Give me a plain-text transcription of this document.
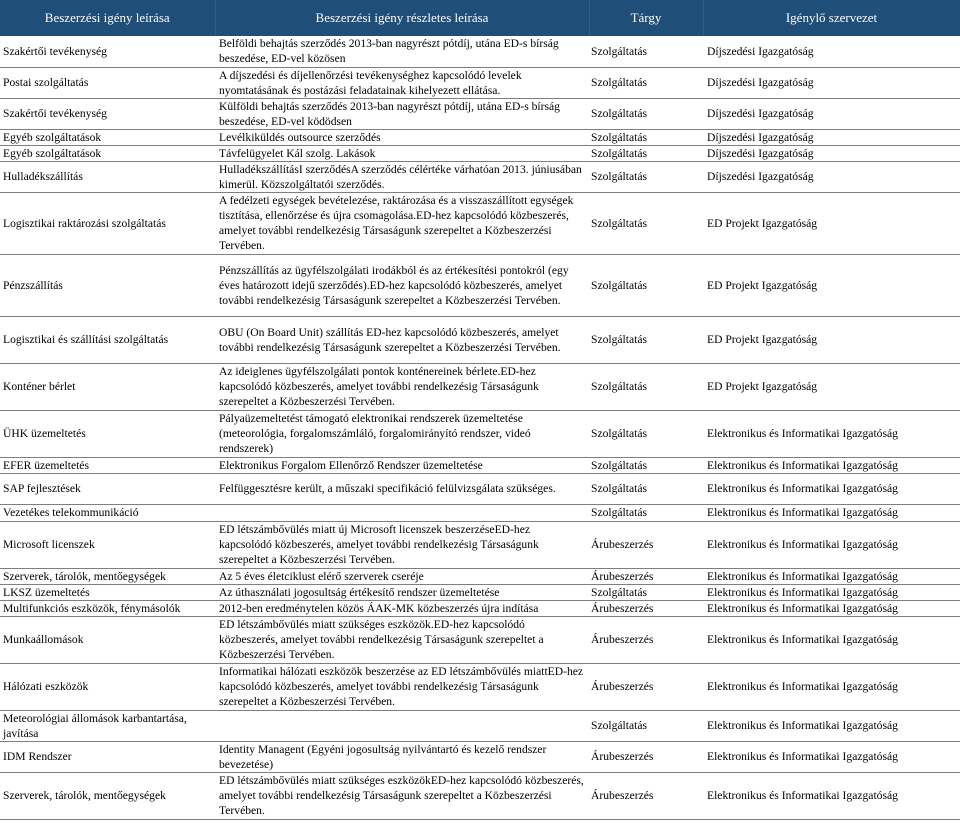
Beszerzési igény leírása	Beszerzési igény részletes leírása	Tárgy	Igénylő szervezet
Szakértői tevékenység	Belföldi behajtás szerződés 2013-ban nagyrészt pótdíj, utána ED-s bírság beszedése, ED-vel közösen	Szolgáltatás	Díjszedési Igazgatóság
Postai szolgáltatás	A díjszedési és díjellenőrzési tevékenységhez kapcsolódó levelek nyomtatásának és postázási feladatainak kihelyezett ellátása.	Szolgáltatás	Díjszedési Igazgatóság
Szakértői tevékenység	Külföldi behajtás szerződés 2013-ban nagyrészt pótdíj, utána ED-s bírság beszedése, ED-vel ködödsen	Szolgáltatás	Díjszedési Igazgatóság
Egyéb szolgáltatások	Levélkiküldés outsource szerződés	Szolgáltatás	Díjszedési Igazgatóság
Egyéb szolgáltatások	Távfelügyelet Kál szolg. Lakások	Szolgáltatás	Díjszedési Igazgatóság
Hulladékszállítás	HulladékszállításI szerződésA szerződés célértéke várhatóan 2013. júniusában kimerül. Közszolgáltatói szerződés.	Szolgáltatás	Díjszedési Igazgatóság
Logisztikai raktározási szolgáltatás	A fedélzeti egységek bevételezése, raktározása és a visszaszállított egységek tisztítása, ellenőrzése és újra csomagolása.ED-hez kapcsolódó közbeszerés, amelyet további rendelkezésig Társaságunk szerepeltet a Közbeszerzési Tervében.	Szolgáltatás	ED Projekt Igazgatóság
Pénzszállítás	Pénzszállítás az ügyfélszolgálati irodákból és az értékesítési pontokról (egy éves határozott idejű szerződés).ED-hez kapcsolódó közbeszerés, amelyet további rendelkezésig Társaságunk szerepeltet a Közbeszerzési Tervében.	Szolgáltatás	ED Projekt Igazgatóság
Logisztikai és szállítási szolgáltatás	OBU (On Board Unit) szállítás ED-hez kapcsolódó közbeszerés, amelyet további rendelkezésig Társaságunk szerepeltet a Közbeszerzési Tervében.	Szolgáltatás	ED Projekt Igazgatóság
Konténer bérlet	Az ideiglenes ügyfélszolgálati pontok konténereinek bérlete.ED-hez kapcsolódó közbeszerés, amelyet további rendelkezésig Társaságunk szerepeltet a Közbeszerzési Tervében.	Szolgáltatás	ED Projekt Igazgatóság
ÜHK üzemeltetés	Pályaüzemeltetést támogató elektronikai rendszerek üzemeltetése (meteorológia, forgalomszámláló, forgalomirányító rendszer, videó rendszerek)	Szolgáltatás	Elektronikus és Informatikai Igazgatóság
EFER üzemeltetés	Elektronikus Forgalom Ellenőrző Rendszer üzemeltetése	Szolgáltatás	Elektronikus és Informatikai Igazgatóság
SAP fejlesztések	Felfüggesztésre került, a műszaki specifikáció felülvizsgálata szükséges.	Szolgáltatás	Elektronikus és Informatikai Igazgatóság
Vezetékes telekommunikáció		Szolgáltatás	Elektronikus és Informatikai Igazgatóság
Microsoft licenszek	ED létszámbővülés miatt új Microsoft licenszek beszerzéseED-hez kapcsolódó közbeszerés, amelyet további rendelkezésig Társaságunk szerepeltet a Közbeszerzési Tervében.	Árubeszerzés	Elektronikus és Informatikai Igazgatóság
Szerverek, tárolók, mentőegységek	Az 5 éves életciklust elérő szerverek cseréje	Árubeszerzés	Elektronikus és Informatikai Igazgatóság
LKSZ üzemeltetés	Az úthasználati jogosultság értékesítő rendszer üzemeltetése	Szolgáltatás	Elektronikus és Informatikai Igazgatóság
Multifunkciós eszközök, fénymásolók	2012-ben eredménytelen közös ÁAK-MK közbeszerzés újra indítása	Árubeszerzés	Elektronikus és Informatikai Igazgatóság
Munkaállomások	ED létszámbővülés miatt szükséges eszközök.ED-hez kapcsolódó közbeszerés, amelyet további rendelkezésig Társaságunk szerepeltet a Közbeszerzési Tervében.	Árubeszerzés	Elektronikus és Informatikai Igazgatóság
Hálózati eszközök	Informatikai hálózati eszközök beszerzése az ED létszámbővülés miattED-hez kapcsolódó közbeszerés, amelyet további rendelkezésig Társaságunk szerepeltet a Közbeszerzési Tervében.	Árubeszerzés	Elektronikus és Informatikai Igazgatóság
Meteorológiai állomások karbantartása, javítása		Szolgáltatás	Elektronikus és Informatikai Igazgatóság
IDM Rendszer	Identity Managent (Egyéni jogosultság nyilvántartó és kezelő rendszer bevezetése)	Árubeszerzés	Elektronikus és Informatikai Igazgatóság
Szerverek, tárolók, mentőegységek	ED létszámbővülés miatt szükséges eszközökED-hez kapcsolódó közbeszerés, amelyet további rendelkezésig Társaságunk szerepeltet a Közbeszerzési Tervében.	Árubeszerzés	Elektronikus és Informatikai Igazgatóság
